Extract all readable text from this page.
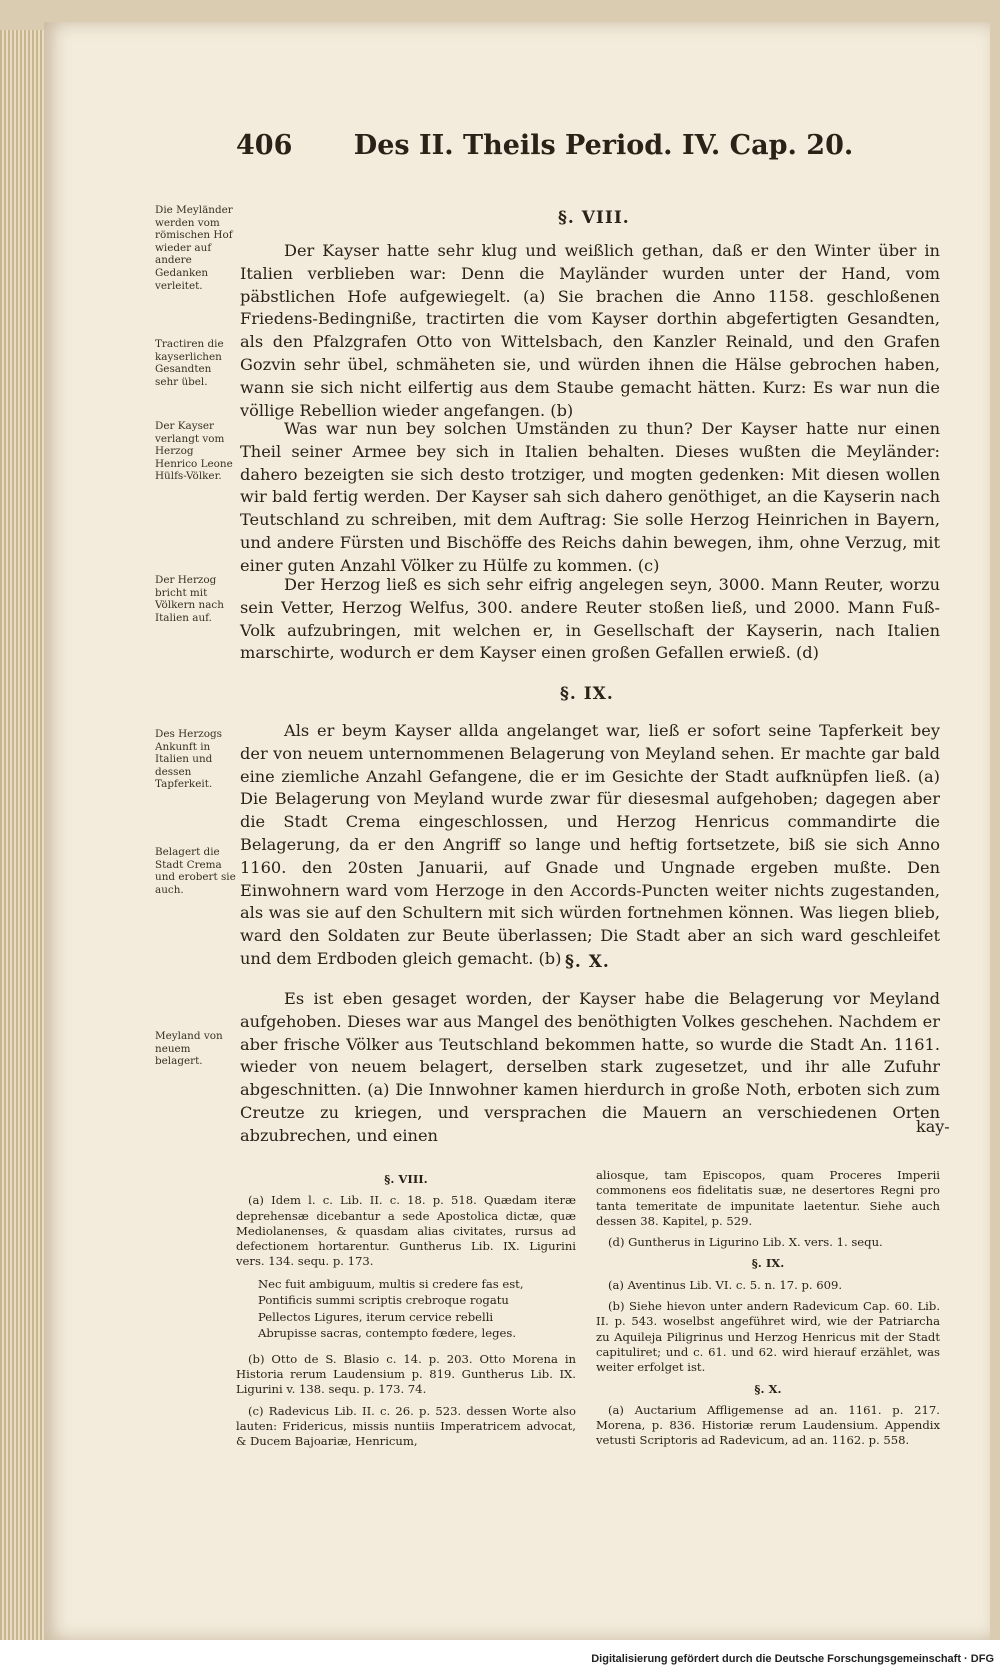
406 Des II. Theils Period. IV. Cap. 20.
Die Meyländer werden vom römischen Hof wieder auf andere Gedanken verleitet.
Tractiren die kayserlichen Gesandten sehr übel.
Der Kayser verlangt vom Herzog Henrico Leone Hülfs-Völker.
Der Herzog bricht mit Völkern nach Italien auf.
Des Herzogs Ankunft in Italien und dessen Tapferkeit.
Belagert die Stadt Crema und erobert sie auch.
Meyland von neuem belagert.
§. VIII.
§. IX.
§. X.
Der Kayser hatte sehr klug und weißlich gethan, daß er den Winter über in Italien verblieben war: Denn die Mayländer wurden unter der Hand, vom päbstlichen Hofe aufgewiegelt. (a) Sie brachen die Anno 1158. geschloßenen Friedens-Bedingniße, tractirten die vom Kayser dorthin abgefertigten Gesandten, als den Pfalzgrafen Otto von Wittelsbach, den Kanzler Reinald, und den Grafen Gozvin sehr übel, schmäheten sie, und würden ihnen die Hälse gebrochen haben, wann sie sich nicht eilfertig aus dem Staube gemacht hätten. Kurz: Es war nun die völlige Rebellion wieder angefangen. (b)
Was war nun bey solchen Umständen zu thun? Der Kayser hatte nur einen Theil seiner Armee bey sich in Italien behalten. Dieses wußten die Meyländer: dahero bezeigten sie sich desto trotziger, und mogten gedenken: Mit diesen wollen wir bald fertig werden. Der Kayser sah sich dahero genöthiget, an die Kayserin nach Teutschland zu schreiben, mit dem Auftrag: Sie solle Herzog Heinrichen in Bayern, und andere Fürsten und Bischöffe des Reichs dahin bewegen, ihm, ohne Verzug, mit einer guten Anzahl Völker zu Hülfe zu kommen. (c)
Der Herzog ließ es sich sehr eifrig angelegen seyn, 3000. Mann Reuter, worzu sein Vetter, Herzog Welfus, 300. andere Reuter stoßen ließ, und 2000. Mann Fuß-Volk aufzubringen, mit welchen er, in Gesellschaft der Kayserin, nach Italien marschirte, wodurch er dem Kayser einen großen Gefallen erwieß. (d)
Als er beym Kayser allda angelanget war, ließ er sofort seine Tapferkeit bey der von neuem unternommenen Belagerung von Meyland sehen. Er machte gar bald eine ziemliche Anzahl Gefangene, die er im Gesichte der Stadt aufknüpfen ließ. (a) Die Belagerung von Meyland wurde zwar für diesesmal aufgehoben; dagegen aber die Stadt Crema eingeschlossen, und Herzog Henricus commandirte die Belagerung, da er den Angriff so lange und heftig fortsetzete, biß sie sich Anno 1160. den 20sten Januarii, auf Gnade und Ungnade ergeben mußte. Den Einwohnern ward vom Herzoge in den Accords-Puncten weiter nichts zugestanden, als was sie auf den Schultern mit sich würden fortnehmen können. Was liegen blieb, ward den Soldaten zur Beute überlassen; Die Stadt aber an sich ward geschleifet und dem Erdboden gleich gemacht. (b)
Es ist eben gesaget worden, der Kayser habe die Belagerung vor Meyland aufgehoben. Dieses war aus Mangel des benöthigten Volkes geschehen. Nachdem er aber frische Völker aus Teutschland bekommen hatte, so wurde die Stadt An. 1161. wieder von neuem belagert, derselben stark zugesetzet, und ihr alle Zufuhr abgeschnitten. (a) Die Innwohner kamen hierdurch in große Noth, erboten sich zum Creutze zu kriegen, und versprachen die Mauern an verschiedenen Orten abzubrechen, und einen	kay-
§. VIII.

(a) Idem l. c. Lib. II. c. 18. p. 518. Quædam iteræ deprehensæ dicebantur a sede Apostolica dictæ, quæ Mediolanenses, & quasdam alias civitates, rursus ad defectionem hortarentur. Guntherus Lib. IX. Ligurini vers. 134. sequ. p. 173.

Nec fuit ambiguum, multis si credere fas est,
Pontificis summi scriptis crebroque rogatu
Pellectos Ligures, iterum cervice rebelli
Abrupisse sacras, contempto fœdere, leges.

(b) Otto de S. Blasio c. 14. p. 203. Otto Morena in Historia rerum Laudensium p. 819. Guntherus Lib. IX. Ligurini v. 138. sequ. p. 173. 74.

(c) Radevicus Lib. II. c. 26. p. 523. dessen Worte also lauten: Fridericus, missis nuntiis Imperatricem advocat, & Ducem Bajoariæ, Henricum,

aliosque, tam Episcopos, quam Proceres Imperii commonens eos fidelitatis suæ, ne desertores Regni pro tanta temeritate de impunitate laetentur. Siehe auch dessen 38. Kapitel, p. 529.

(d) Guntherus in Ligurino Lib. X. vers. 1. sequ.

§. IX.

(a) Aventinus Lib. VI. c. 5. n. 17. p. 609.

(b) Siehe hievon unter andern Radevicum Cap. 60. Lib. II. p. 543. woselbst angeführet wird, wie der Patriarcha zu Aquileja Piligrinus und Herzog Henricus mit der Stadt capituliret; und c. 61. und 62. wird hierauf erzählet, was weiter erfolget ist.

§. X.

(a) Auctarium Affligemense ad an. 1161. p. 217. Morena, p. 836. Historiæ rerum Laudensium. Appendix vetusti Scriptoris ad Radevicum, ad an. 1162. p. 558.

Digitalisierung gefördert durch die Deutsche Forschungsgemeinschaft · DFG
